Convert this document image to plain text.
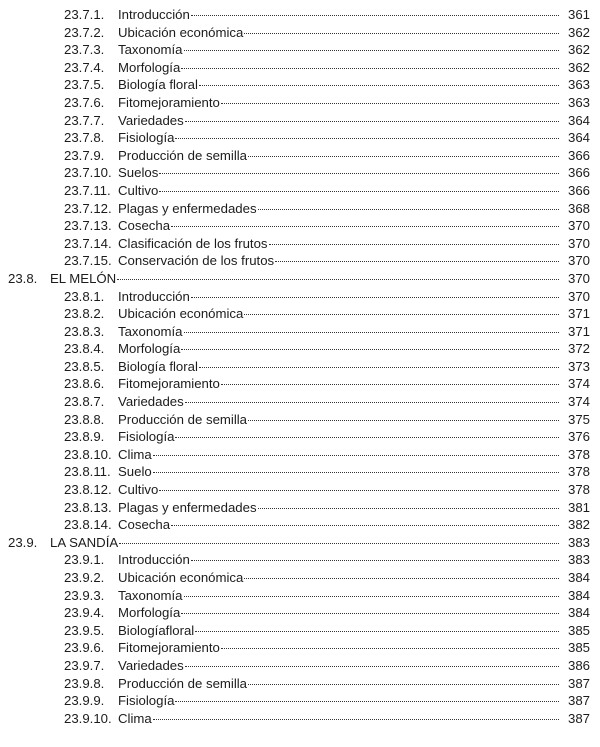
23.7.1.	Introducción	361
23.7.2.	Ubicación económica	362
23.7.3.	Taxonomía	362
23.7.4.	Morfología	362
23.7.5.	Biología floral	363
23.7.6.	Fitomejoramiento	363
23.7.7.	Variedades	364
23.7.8.	Fisiología	364
23.7.9.	Producción de semilla	366
23.7.10. Suelos	366
23.7.11. Cultivo	366
23.7.12. Plagas y enfermedades	368
23.7.13. Cosecha	370
23.7.14. Clasificación de los frutos	370
23.7.15. Conservación de los frutos	370
23.8. EL MELÓN	370
23.8.1.	Introducción	370
23.8.2.	Ubicación económica	371
23.8.3.	Taxonomía	371
23.8.4.	Morfología	372
23.8.5.	Biología floral	373
23.8.6.	Fitomejoramiento	374
23.8.7.	Variedades	374
23.8.8.	Producción de semilla	375
23.8.9.	Fisiología	376
23.8.10. Clima	378
23.8.11. Suelo	378
23.8.12. Cultivo	378
23.8.13. Plagas y enfermedades	381
23.8.14. Cosecha	382
23.9. LA SANDÍA	383
23.9.1.	Introducción	383
23.9.2.	Ubicación económica	384
23.9.3.	Taxonomía	384
23.9.4.	Morfología	384
23.9.5.	Biologíafloral	385
23.9.6.	Fitomejoramiento	385
23.9.7.	Variedades	386
23.9.8.	Producción de semilla	387
23.9.9.	Fisiología	387
23.9.10. Clima	387
